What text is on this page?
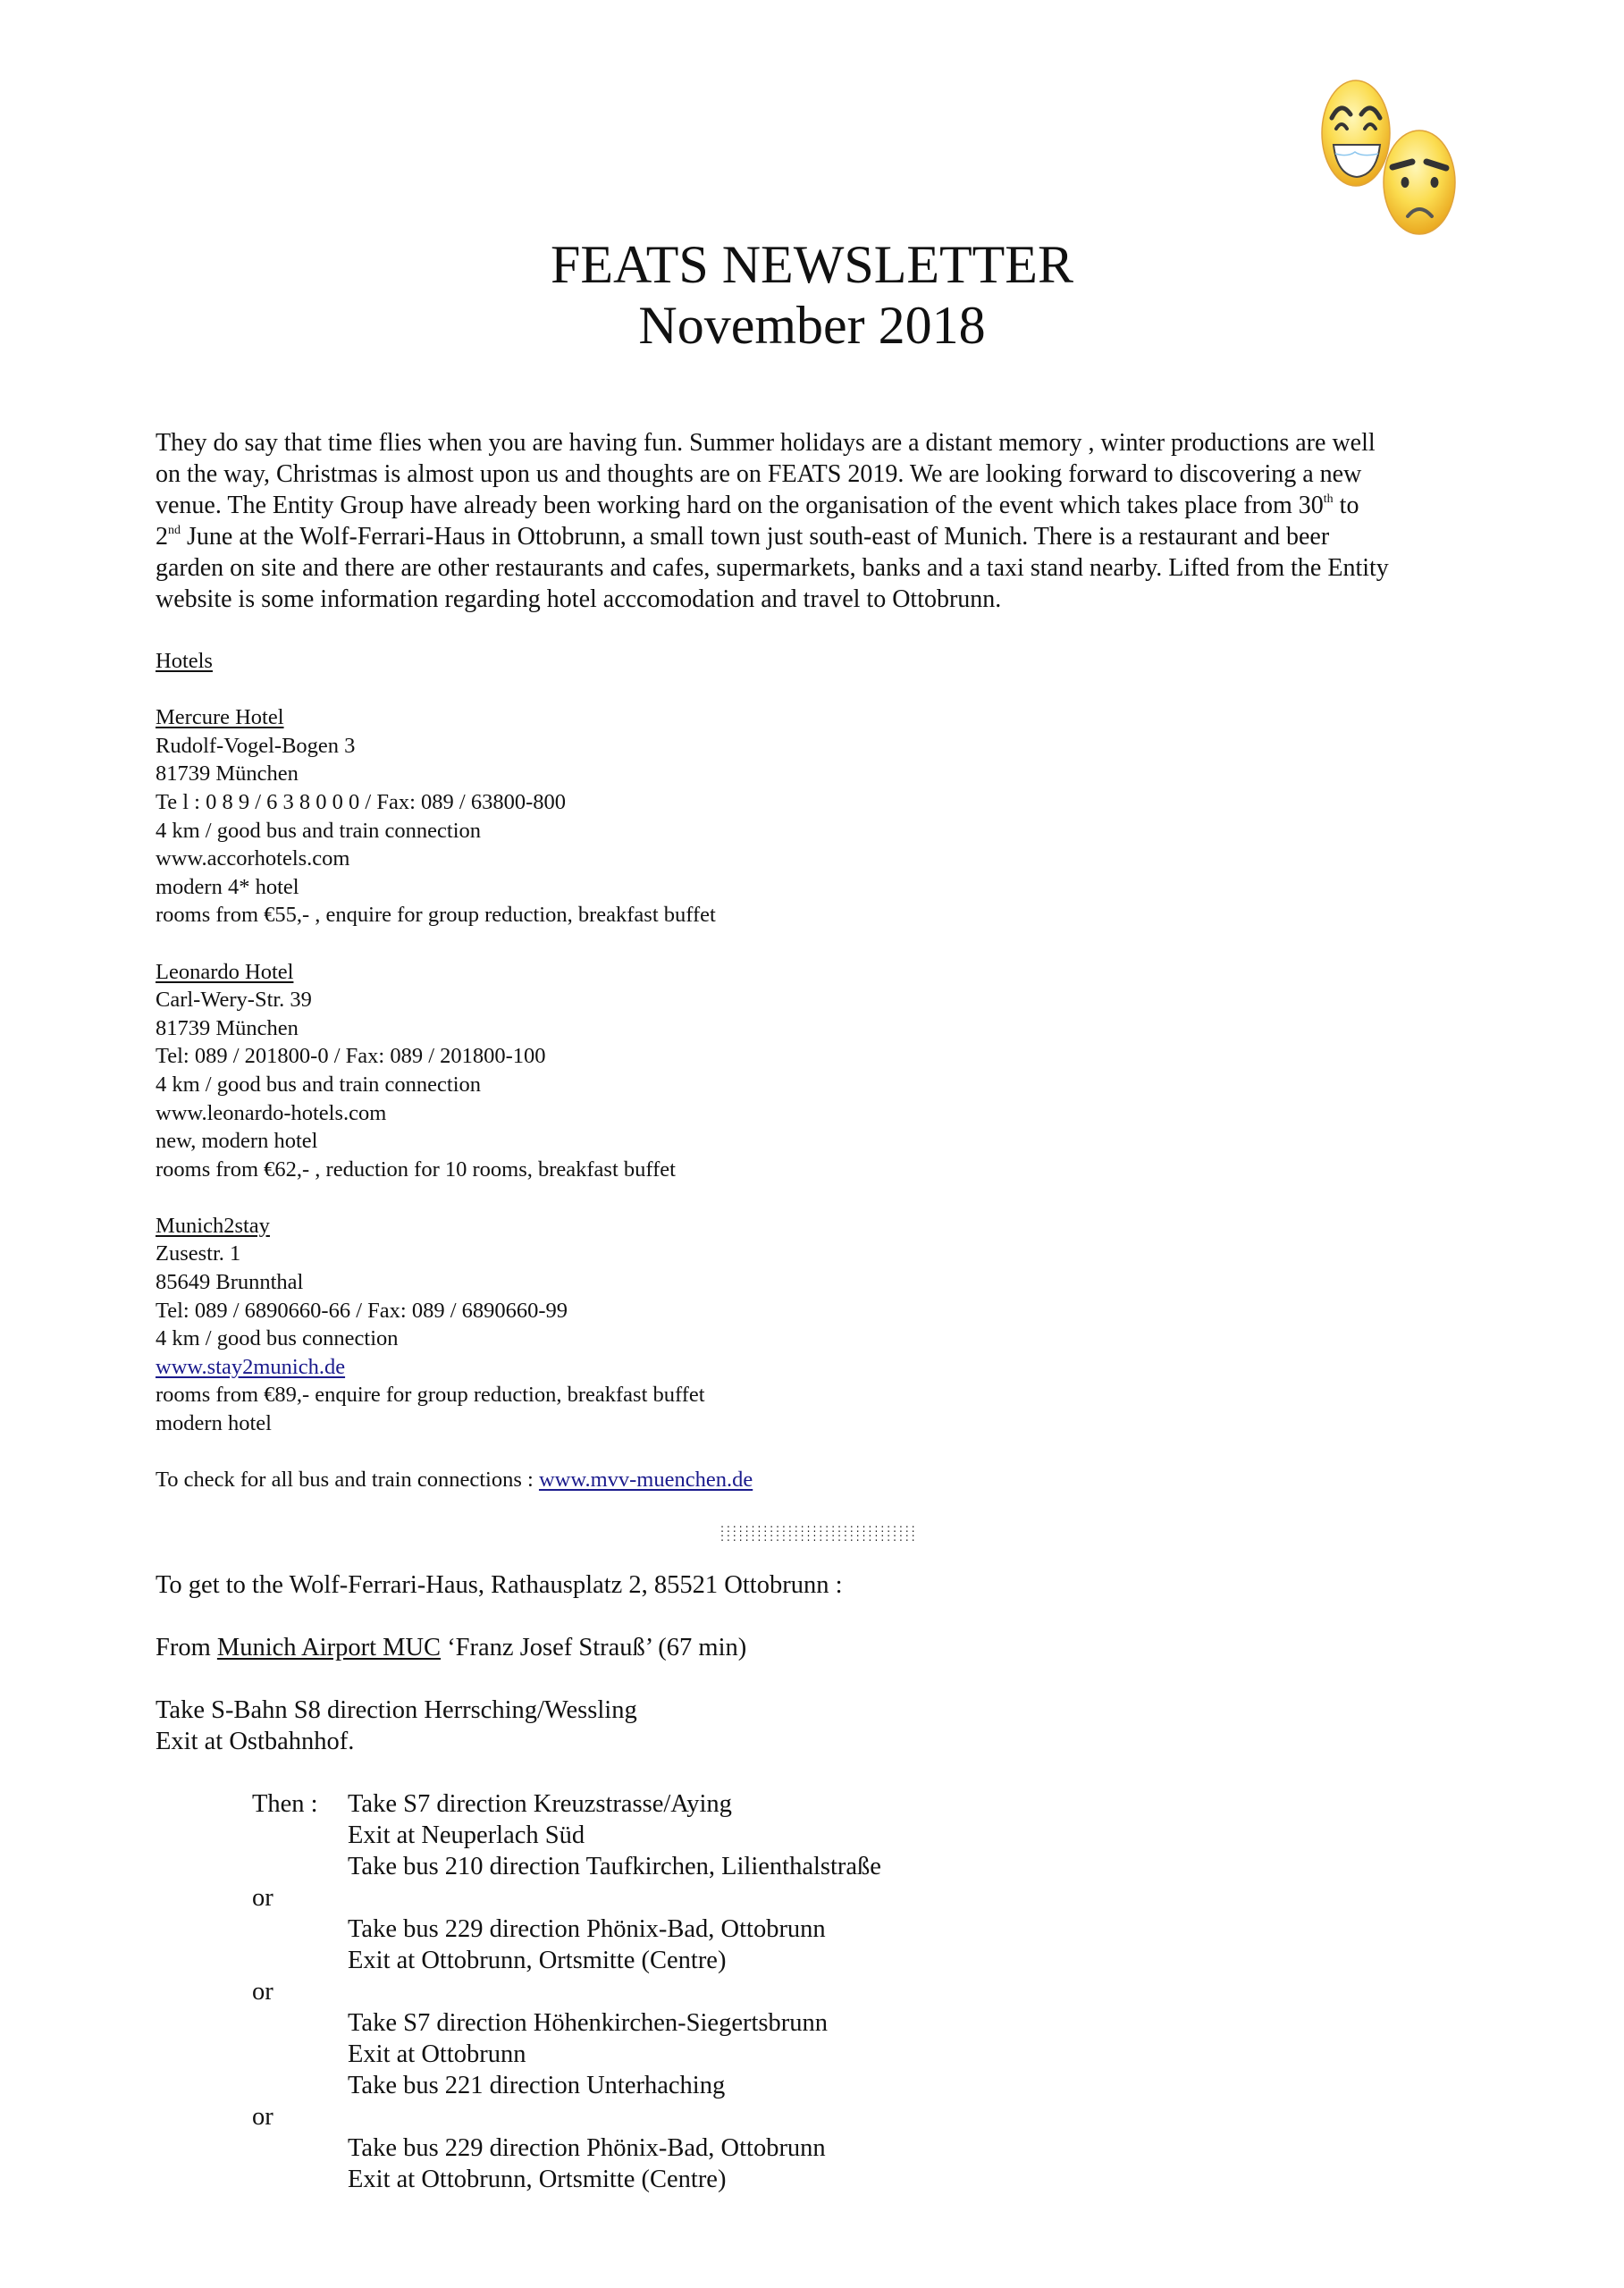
FEATS NEWSLETTER
November 2018
They do say that time flies when you are having fun. Summer holidays are a distant memory , winter productions are well
on the way, Christmas is almost upon us and thoughts are on FEATS 2019. We are looking forward to discovering a new
venue. The Entity Group have already been working hard on the organisation of the event which takes place from 30th to
2nd June at the Wolf-Ferrari-Haus in Ottobrunn, a small town just south-east of Munich. There is a restaurant and beer
garden on site and there are other restaurants and cafes, supermarkets, banks and a taxi stand nearby. Lifted from the Entity
website is some information regarding hotel acccomodation and travel to Ottobrunn.
Hotels
Mercure Hotel
Rudolf-Vogel-Bogen 3
81739 München
Te l : 0 8 9 / 6 3 8 0 0 0 / Fax: 089 / 63800-800
4 km / good bus and train connection
www.accorhotels.com
modern 4* hotel
rooms from €55,- , enquire for group reduction, breakfast buffet
Leonardo Hotel
Carl-Wery-Str. 39
81739 München
Tel: 089 / 201800-0 / Fax: 089 / 201800-100
4 km / good bus and train connection
www.leonardo-hotels.com
new, modern hotel
rooms from €62,- , reduction for 10 rooms, breakfast buffet
Munich2stay
Zusestr. 1
85649 Brunnthal
Tel: 089 / 6890660-66 / Fax: 089 / 6890660-99
4 km / good bus connection
www.stay2munich.de
rooms from €89,- enquire for group reduction, breakfast buffet
modern hotel
To check for all bus and train connections : www.mvv-muenchen.de
::::::::::::::::::::::::::::::::
::::::::::::::::::::::::::::::::
To get to the Wolf-Ferrari-Haus, Rathausplatz 2, 85521 Ottobrunn :
From Munich Airport MUC ‘Franz Josef Strauß’ (67 min)
Take S-Bahn S8 direction Herrsching/Wessling
Exit at Ostbahnhof.
Then : Take S7 direction Kreuzstrasse/Aying
Exit at Neuperlach Süd
Take bus 210 direction Taufkirchen, Lilienthalstraße
or
Take bus 229 direction Phönix-Bad, Ottobrunn
Exit at Ottobrunn, Ortsmitte (Centre)
or
Take S7 direction Höhenkirchen-Siegertsbrunn
Exit at Ottobrunn
Take bus 221 direction Unterhaching
or
Take bus 229 direction Phönix-Bad, Ottobrunn
Exit at Ottobrunn, Ortsmitte (Centre)
